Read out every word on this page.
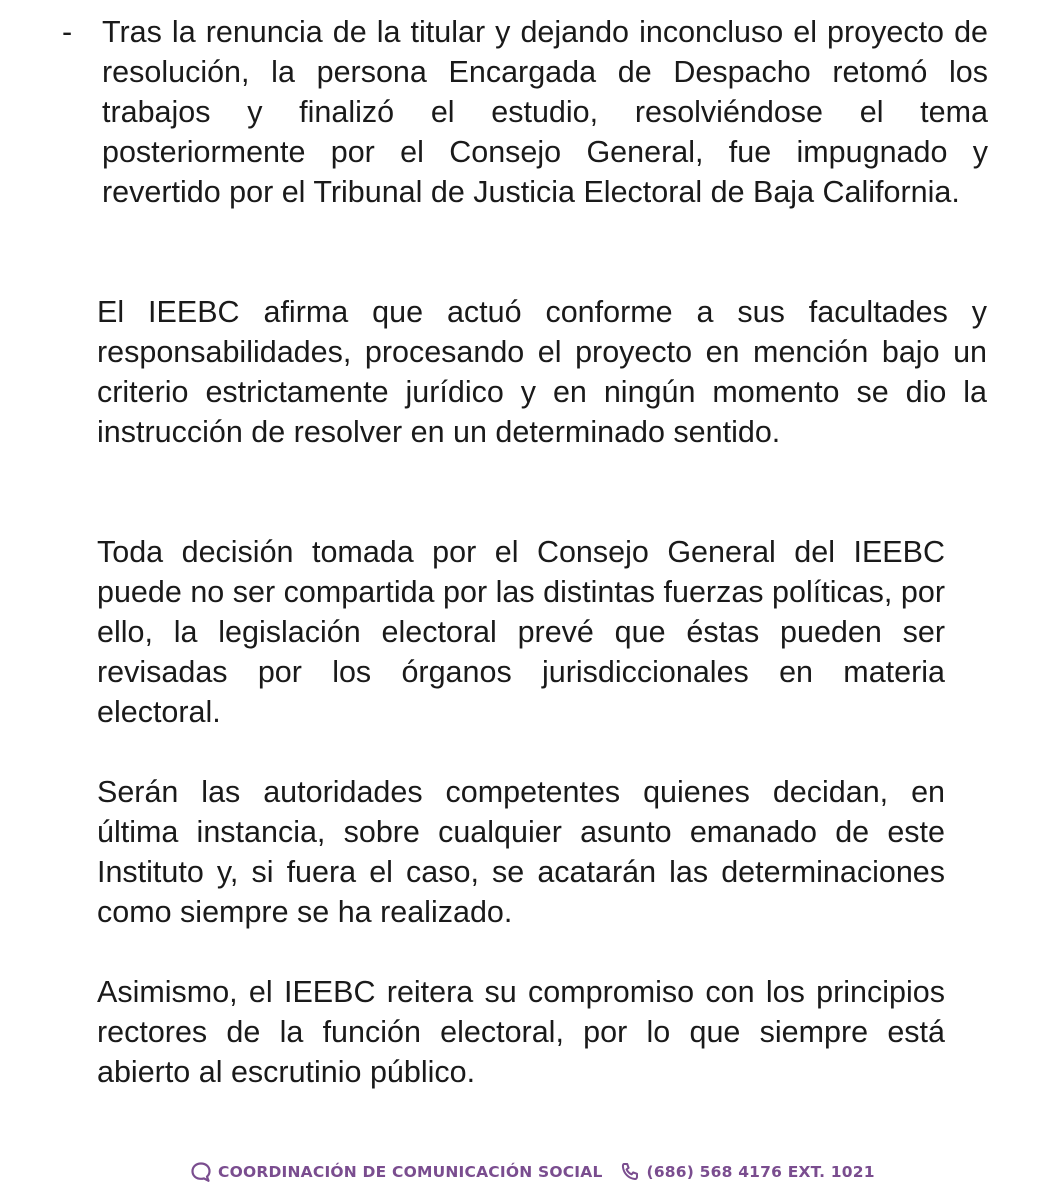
- Tras la renuncia de la titular y dejando inconcluso el proyecto de resolución, la persona Encargada de Despacho retomó los trabajos y finalizó el estudio, resolviéndose el tema posteriormente por el Consejo General, fue impugnado y revertido por el Tribunal de Justicia Electoral de Baja California.

El IEEBC afirma que actuó conforme a sus facultades y responsabilidades, procesando el proyecto en mención bajo un criterio estrictamente jurídico y en ningún momento se dio la instrucción de resolver en un determinado sentido.

Toda decisión tomada por el Consejo General del IEEBC puede no ser compartida por las distintas fuerzas políticas, por ello, la legislación electoral prevé que éstas pueden ser revisadas por los órganos jurisdiccionales en materia electoral.

Serán las autoridades competentes quienes decidan, en última instancia, sobre cualquier asunto emanado de este Instituto y, si fuera el caso, se acatarán las determinaciones como siempre se ha realizado.

Asimismo, el IEEBC reitera su compromiso con los principios rectores de la función electoral, por lo que siempre está abierto al escrutinio público.

COORDINACIÓN DE COMUNICACIÓN SOCIAL	(686) 568 4176 EXT. 1021
